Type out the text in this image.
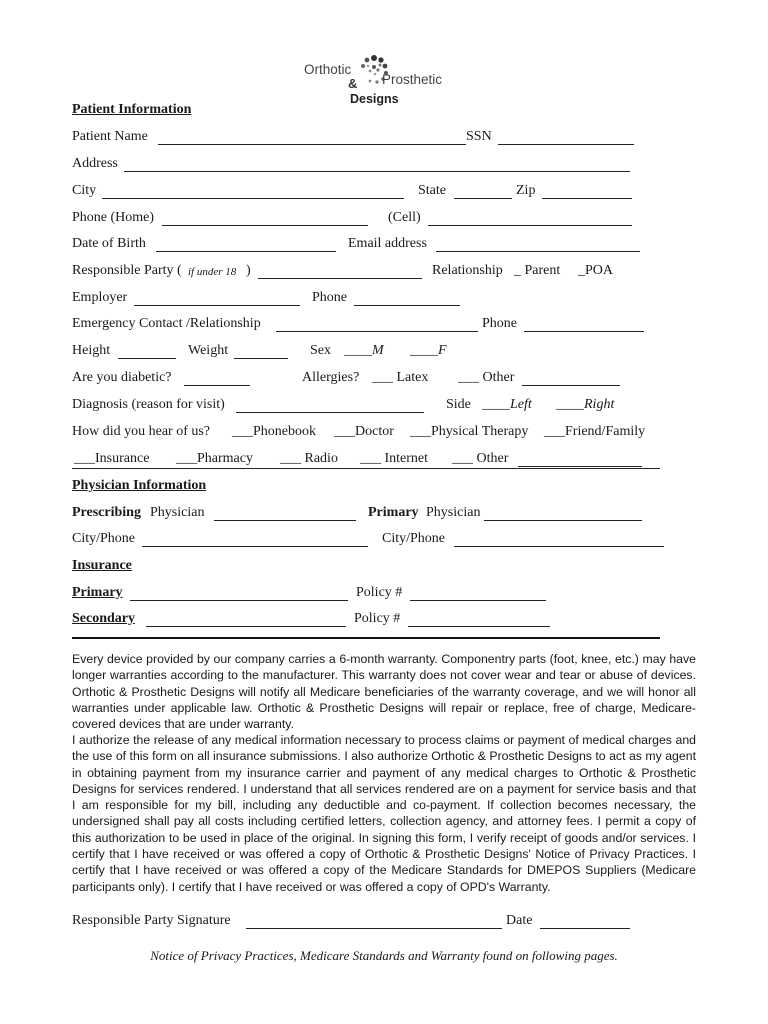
Orthotic
& Prosthetic
Designs
Patient Information
Patient Name	SSN
Address
City	State	Zip
Phone (Home)	(Cell)
Date of Birth	Email address
Responsible Party ( if under 18 )	Relationship _ Parent _POA
Employer	Phone
Emergency Contact /Relationship	Phone
Height	Weight	Sex ____ M ____ F
Are you diabetic?	Allergies? ___ Latex ___ Other
Diagnosis (reason for visit)	Side ____ Left ____ Right
How did you hear of us? ___Phonebook ___Doctor ___Physical Therapy ___Friend/Family
___Insurance ___Pharmacy ___ Radio ___ Internet ___ Other
Physician Information
Prescribing Physician	Primary Physician
City/Phone	City/Phone
Insurance
Primary	Policy #
Secondary	Policy #
Every device provided by our company carries a 6-month warranty. Componentry parts (foot, knee, etc.) may have longer warranties according to the manufacturer. This warranty does not cover wear and tear or abuse of devices. Orthotic & Prosthetic Designs will notify all Medicare beneficiaries of the warranty coverage, and we will honor all warranties under applicable law. Orthotic & Prosthetic Designs will repair or replace, free of charge, Medicare-covered devices that are under warranty.
I authorize the release of any medical information necessary to process claims or payment of medical charges and the use of this form on all insurance submissions. I also authorize Orthotic & Prosthetic Designs to act as my agent in obtaining payment from my insurance carrier and payment of any medical charges to Orthotic & Prosthetic Designs for services rendered. I understand that all services rendered are on a payment for service basis and that I am responsible for my bill, including any deductible and co-payment. If collection becomes necessary, the undersigned shall pay all costs including certified letters, collection agency, and attorney fees. I permit a copy of this authorization to be used in place of the original. In signing this form, I verify receipt of goods and/or services. I certify that I have received or was offered a copy of Orthotic & Prosthetic Designs' Notice of Privacy Practices. I certify that I have received or was offered a copy of the Medicare Standards for DMEPOS Suppliers (Medicare participants only). I certify that I have received or was offered a copy of OPD's Warranty.
Responsible Party Signature	Date
Notice of Privacy Practices, Medicare Standards and Warranty found on following pages.
